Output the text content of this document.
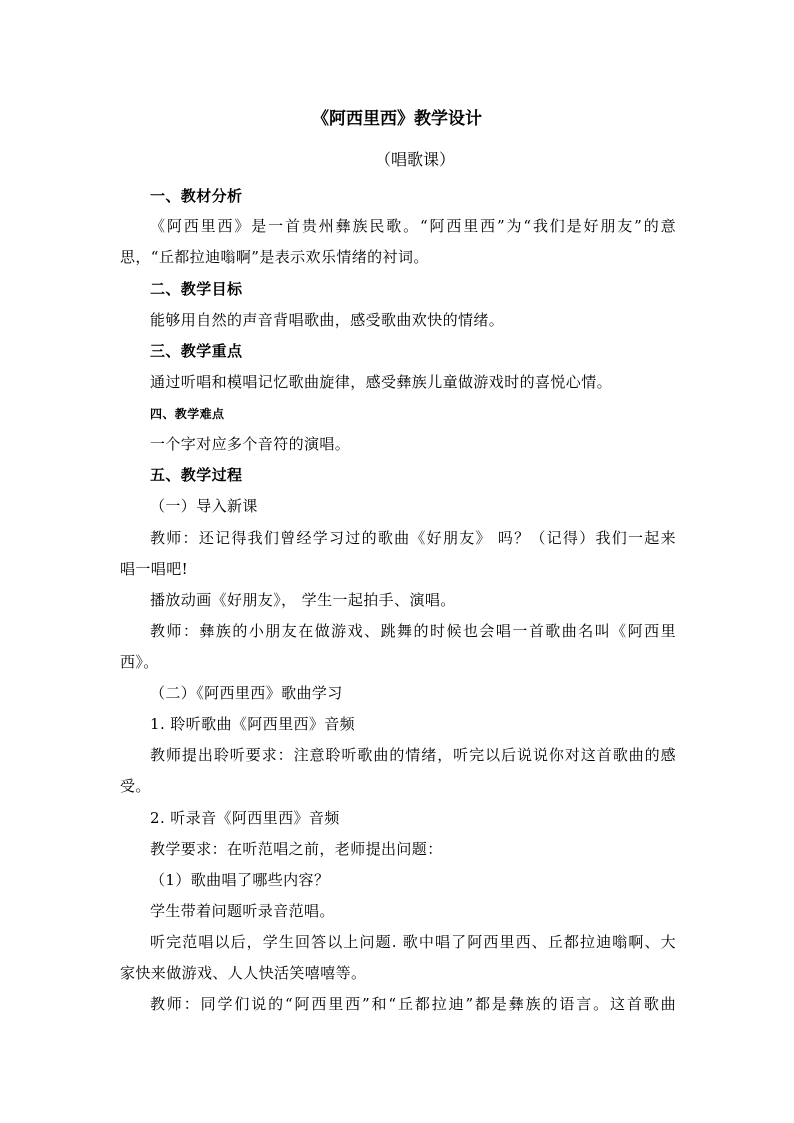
《阿西里西》教学设计
（唱歌课）
一、教材分析
《阿西里西》是一首贵州彝族民歌。“阿西里西”为“我们是好朋友”的意
思，“丘都拉迪嗡啊”是表示欢乐情绪的衬词。
二、教学目标
能够用自然的声音背唱歌曲，感受歌曲欢快的情绪。
三、教学重点
通过听唱和模唱记忆歌曲旋律，感受彝族儿童做游戏时的喜悦心情。
四、教学难点
一个字对应多个音符的演唱。
五、教学过程
（一）导入新课
教师：还记得我们曾经学习过的歌曲《好朋友》 吗？（记得）我们一起来
唱一唱吧!
播放动画《好朋友》， 学生一起拍手、演唱。
教师：彝族的小朋友在做游戏、跳舞的时候也会唱一首歌曲名叫《阿西里
西》。
（二）《阿西里西》歌曲学习
1. 聆听歌曲《阿西里西》音频
教师提出聆听要求：注意聆听歌曲的情绪，听完以后说说你对这首歌曲的感
受。
2. 听录音《阿西里西》音频
教学要求：在听范唱之前，老师提出问题：
（1）歌曲唱了哪些内容？
学生带着问题听录音范唱。
听完范唱以后，学生回答以上问题. 歌中唱了阿西里西、丘都拉迪嗡啊、大
家快来做游戏、人人快活笑嘻嘻等。
教师：同学们说的“阿西里西”和“丘都拉迪”都是彝族的语言。这首歌曲
